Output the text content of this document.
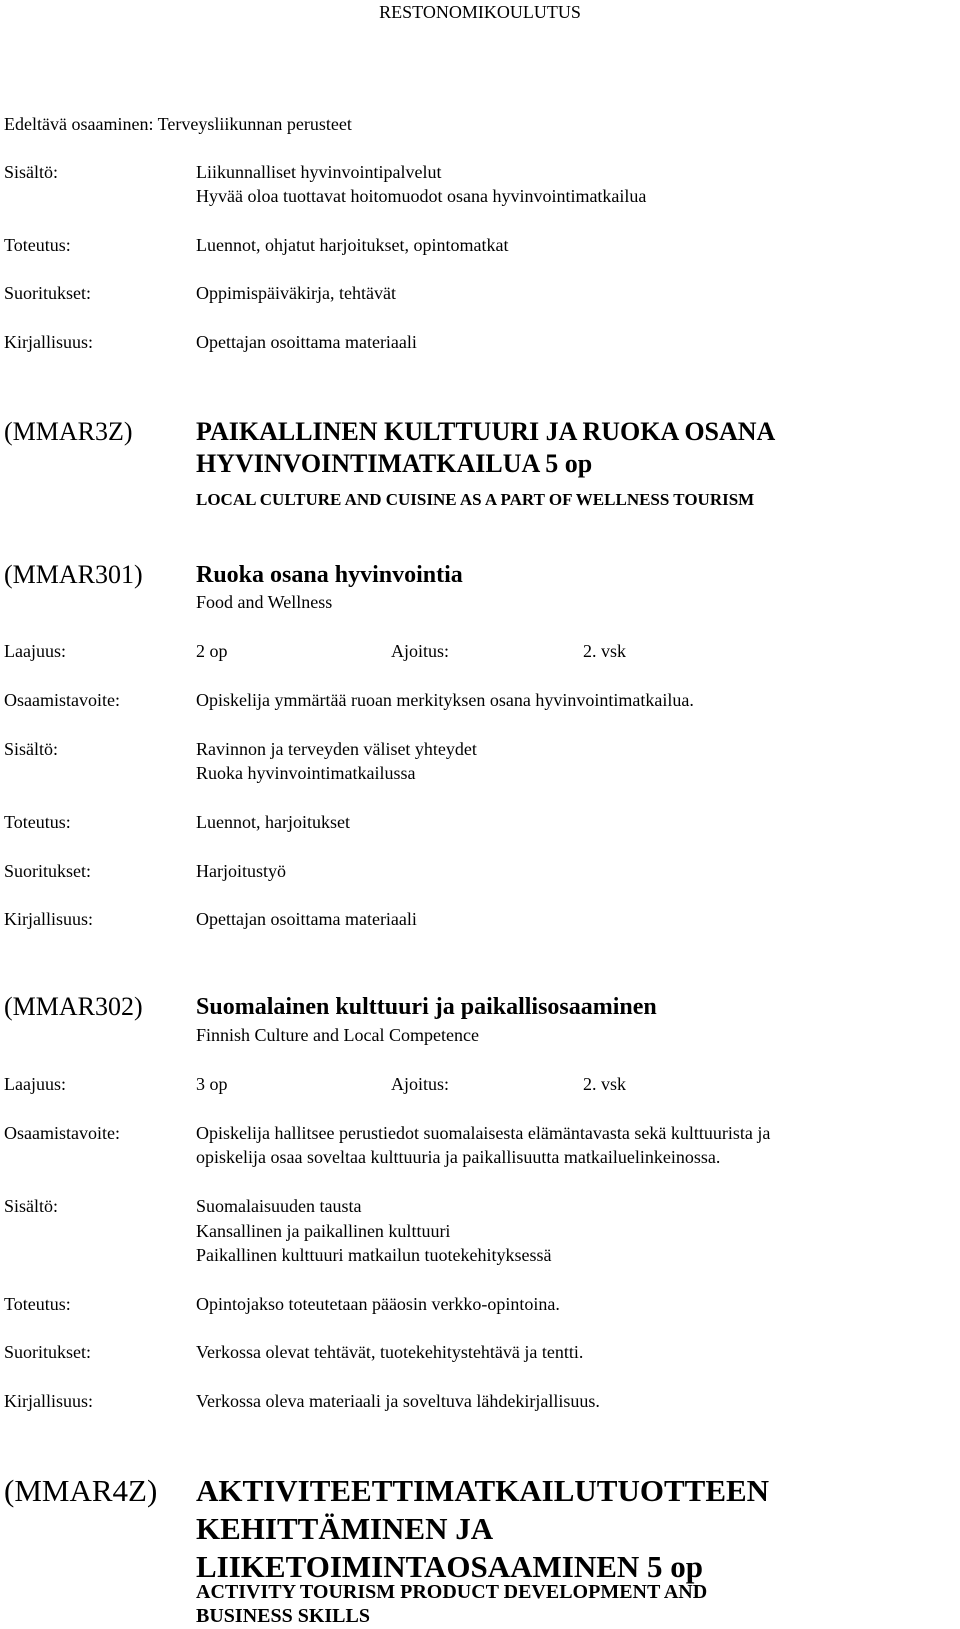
RESTONOMIKOULUTUS
Edeltävä osaaminen: Terveysliikunnan perusteet
Sisältö:	Liikunnalliset hyvinvointipalvelut
Hyvää oloa tuottavat hoitomuodot osana hyvinvointimatkailua
Toteutus:	Luennot, ohjatut harjoitukset, opintomatkat
Suoritukset:	Oppimispäiväkirja, tehtävät
Kirjallisuus:	Opettajan osoittama materiaali
(MMAR3Z) PAIKALLINEN KULTTUURI JA RUOKA OSANA
HYVINVOINTIMATKAILUA 5 op
LOCAL CULTURE AND CUISINE AS A PART OF WELLNESS TOURISM
(MMAR301) Ruoka osana hyvinvointia
Food and Wellness
Laajuus:	2 op	Ajoitus:	2. vsk
Osaamistavoite:	Opiskelija ymmärtää ruoan merkityksen osana hyvinvointimatkailua.
Sisältö:	Ravinnon ja terveyden väliset yhteydet
Ruoka hyvinvointimatkailussa
Toteutus:	Luennot, harjoitukset
Suoritukset:	Harjoitustyö
Kirjallisuus:	Opettajan osoittama materiaali
(MMAR302) Suomalainen kulttuuri ja paikallisosaaminen
Finnish Culture and Local Competence
Laajuus:	3 op	Ajoitus:	2. vsk
Osaamistavoite:	Opiskelija hallitsee perustiedot suomalaisesta elämäntavasta sekä kulttuurista ja
opiskelija osaa soveltaa kulttuuria ja paikallisuutta matkailuelinkeinossa.
Sisältö:	Suomalaisuuden tausta
Kansallinen ja paikallinen kulttuuri
Paikallinen kulttuuri matkailun tuotekehityksessä
Toteutus:	Opintojakso toteutetaan pääosin verkko-opintoina.
Suoritukset:	Verkossa olevat tehtävät, tuotekehitystehtävä ja tentti.
Kirjallisuus:	Verkossa oleva materiaali ja soveltuva lähdekirjallisuus.
(MMAR4Z) AKTIVITEETTIMATKAILUTUOTTEEN
KEHITTÄMINEN JA
LIIKETOIMINTAOSAAMINEN 5 op
ACTIVITY TOURISM PRODUCT DEVELOPMENT AND
BUSINESS SKILLS
